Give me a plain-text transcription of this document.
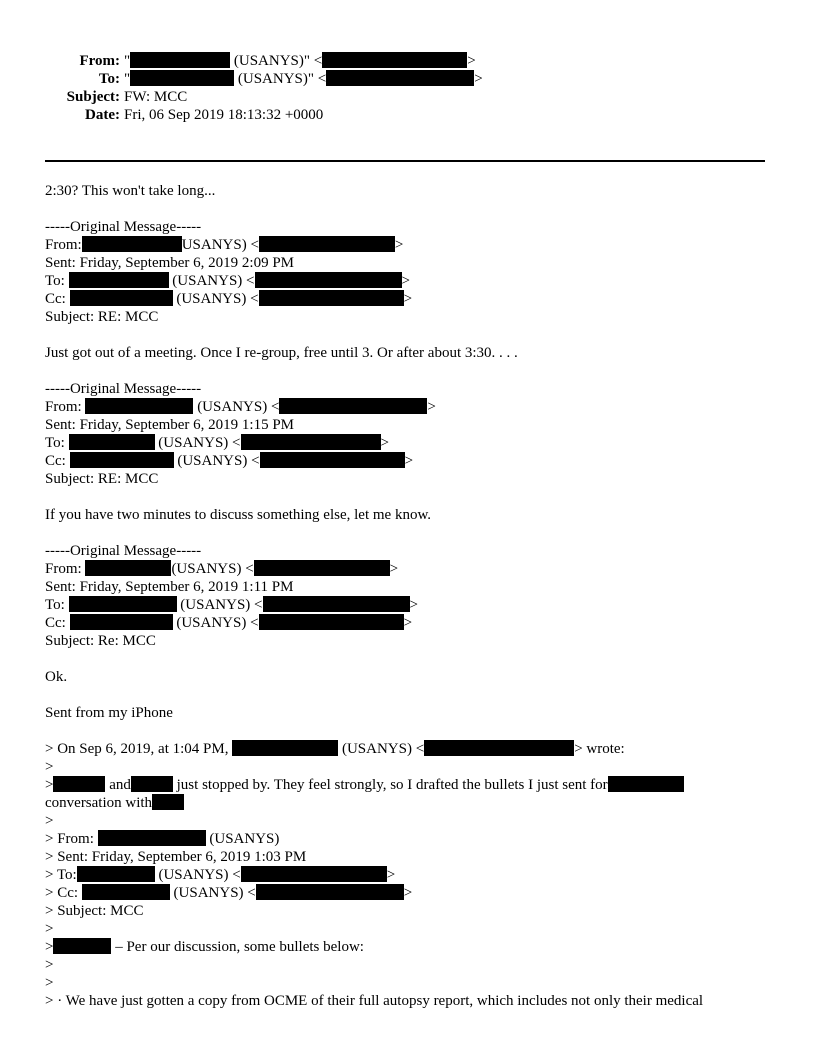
From: "	(USANYS)" <	>
To: "	(USANYS)" <	>
Subject: FW: MCC
Date: Fri, 06 Sep 2019 18:13:32 +0000
2:30? This won't take long...
-----Original Message-----
From:	USANYS) <	>
Sent: Friday, September 6, 2019 2:09 PM
To:	(USANYS) <	>
Cc:	(USANYS) <	>
Subject: RE: MCC
Just got out of a meeting. Once I re-group, free until 3. Or after about 3:30. . . .
-----Original Message-----
From:	(USANYS) <	>
Sent: Friday, September 6, 2019 1:15 PM
To:	(USANYS) <	>
Cc:	(USANYS) <	>
Subject: RE: MCC
If you have two minutes to discuss something else, let me know.
-----Original Message-----
From:	(USANYS) <	>
Sent: Friday, September 6, 2019 1:11 PM
To:	(USANYS) <	>
Cc:	(USANYS) <	>
Subject: Re: MCC
Ok.
Sent from my iPhone
> On Sep 6, 2019, at 1:04 PM,	(USANYS) <	> wrote:
>
>	and	just stopped by. They feel strongly, so I drafted the bullets I just sent for
conversation with
>
> From:	(USANYS)
> Sent: Friday, September 6, 2019 1:03 PM
> To:	(USANYS) <	>
> Cc:	(USANYS) <	>
> Subject: MCC
>
>	– Per our discussion, some bullets below:
>
>
> · We have just gotten a copy from OCME of their full autopsy report, which includes not only their medical
